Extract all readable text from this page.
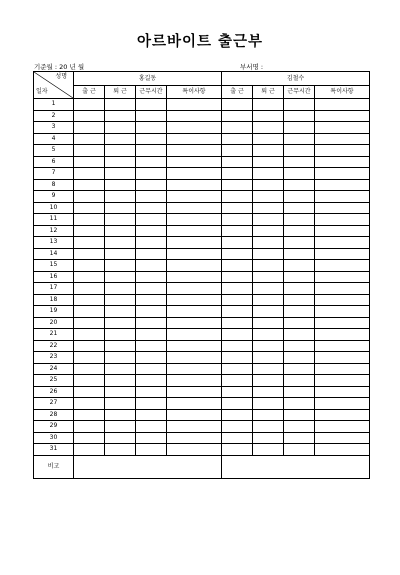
아르바이트 출근부
기준월 : 20 년 월	부서명 :
성명
일자	홍길동				김철수			
	출 근	퇴 근	근무시간	특이사항	출 근	퇴 근	근무시간	특이사항
1								
2								
3								
4								
5								
6								
7								
8								
9								
10								
11								
12								
13								
14								
15								
16								
17								
18								
19								
20								
21								
22								
23								
24								
25								
26								
27								
28								
29								
30								
31								
비고								
